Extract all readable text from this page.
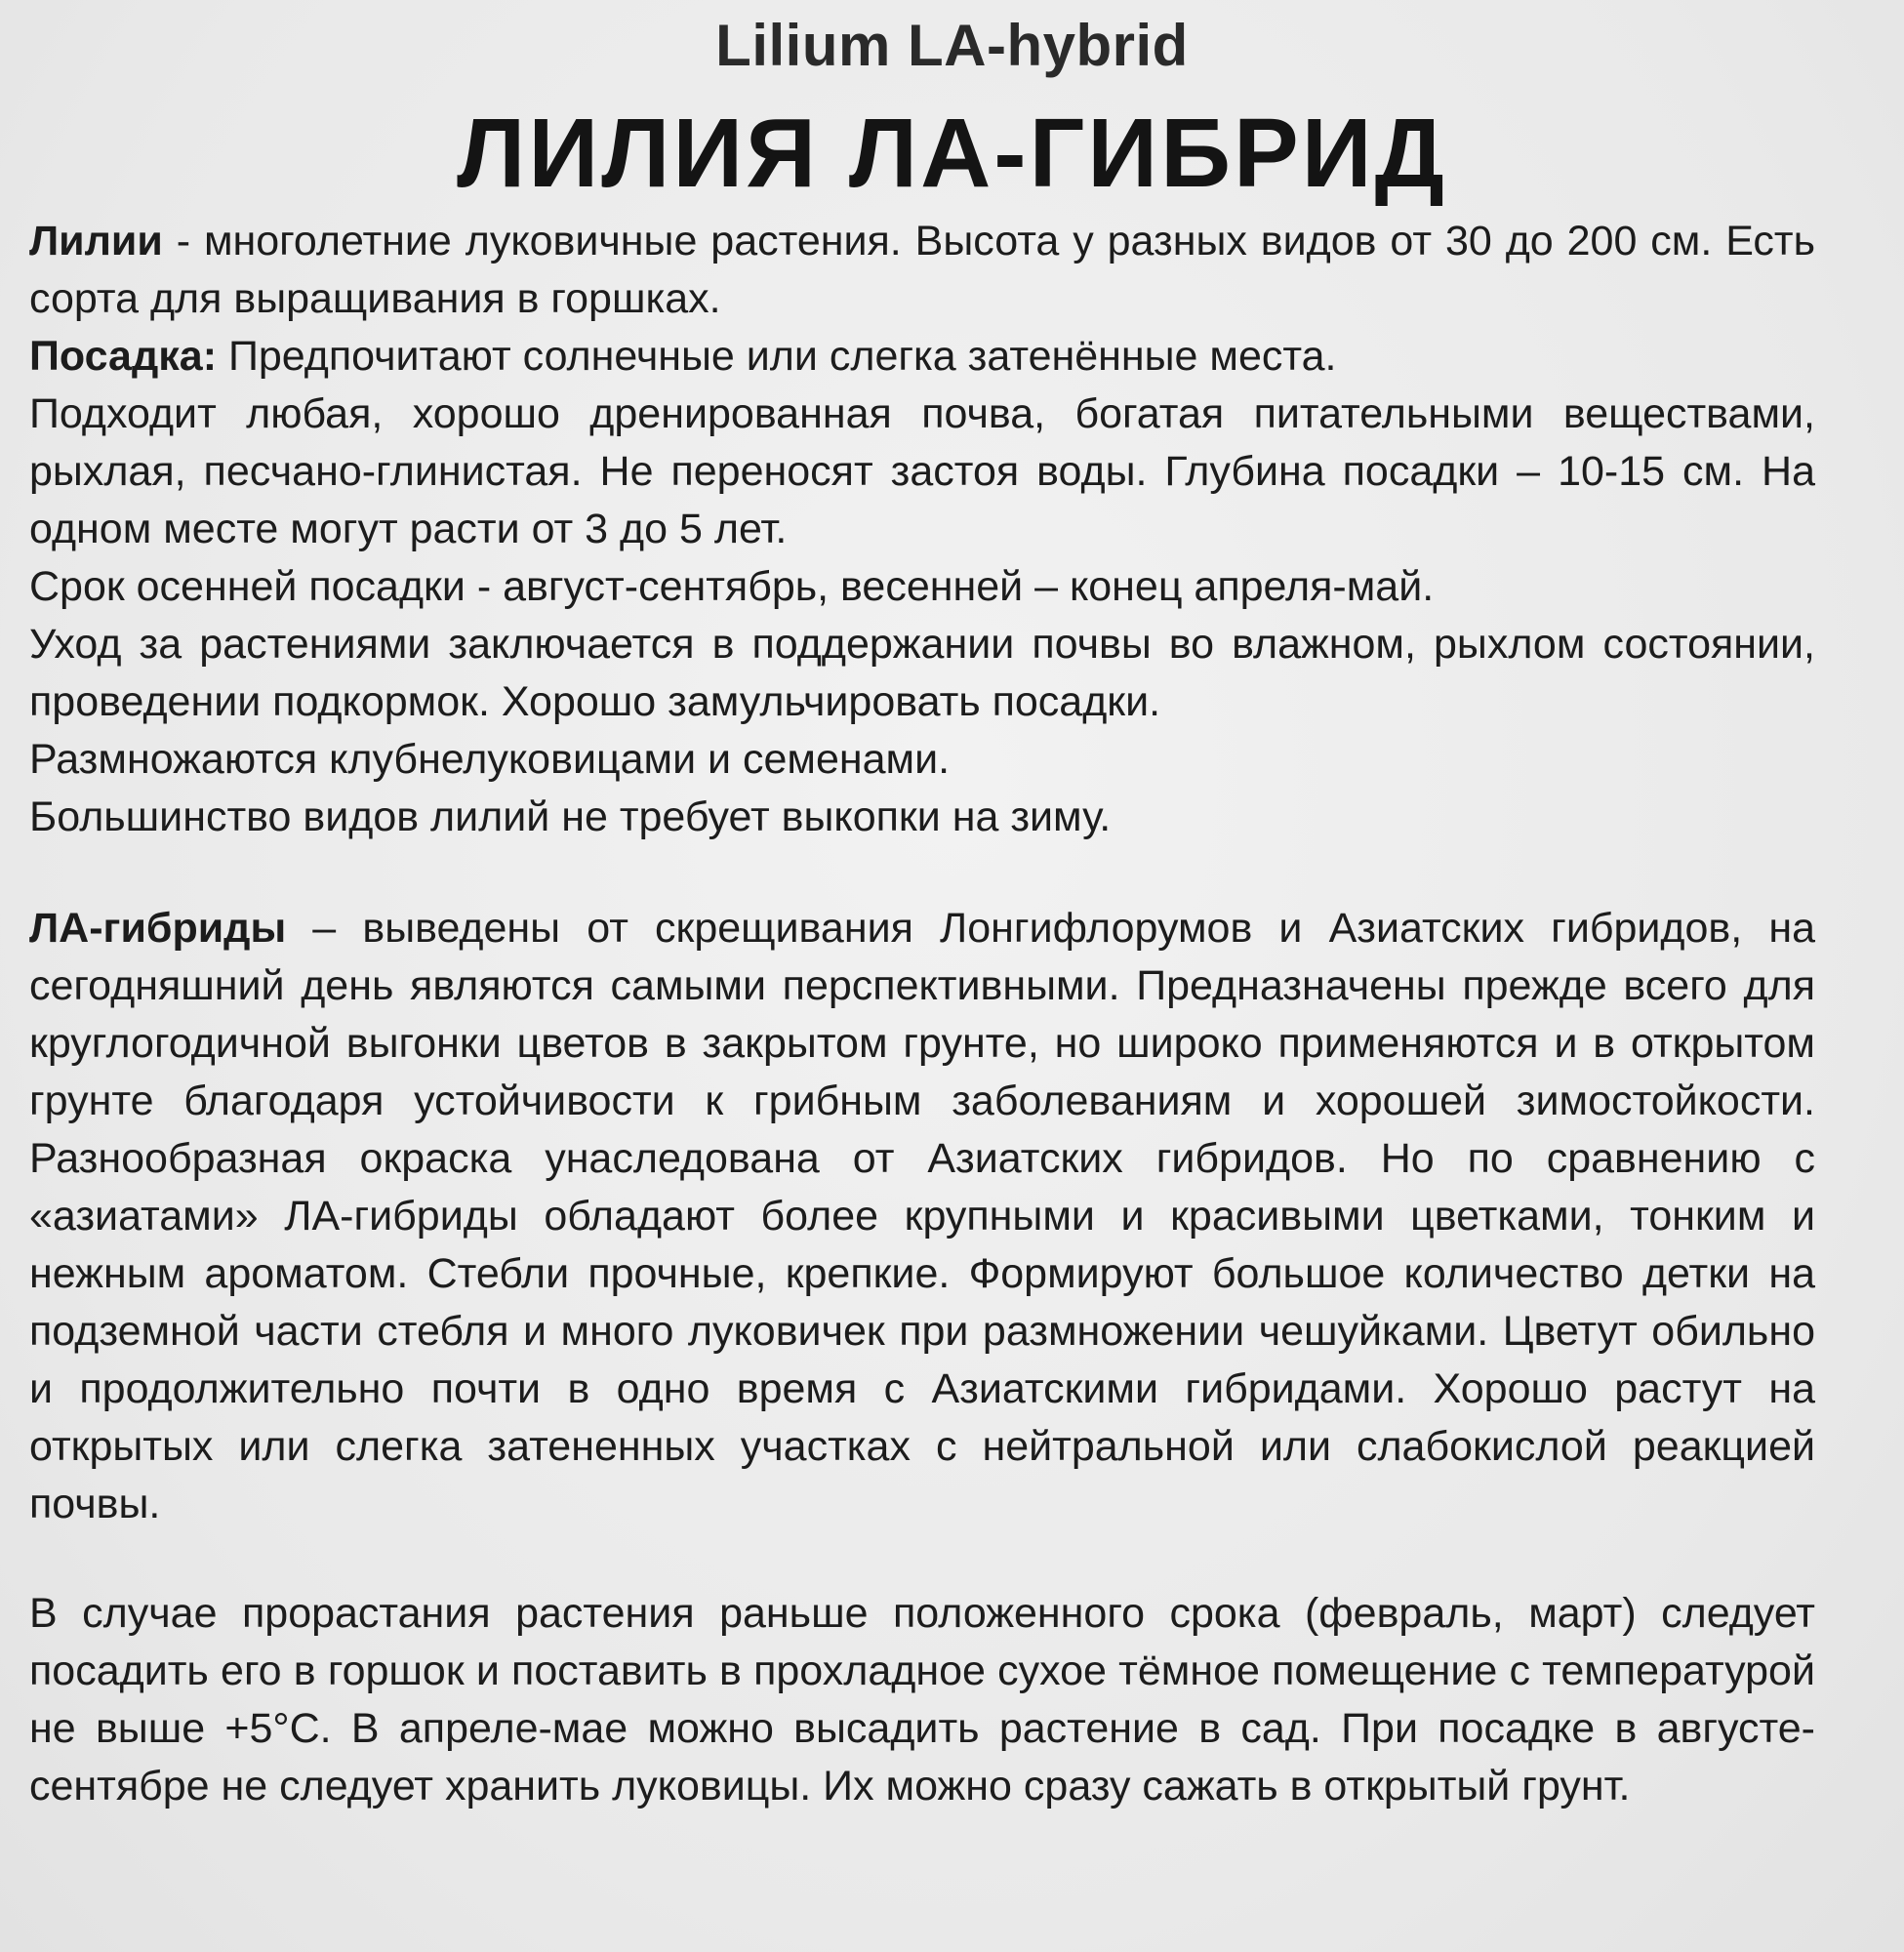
Lilium LA-hybrid
ЛИЛИЯ ЛА-ГИБРИД

Лилии - многолетние луковичные растения. Высота у разных видов от 30 до 200 см. Есть сорта для выращивания в горшках.

Посадка: Предпочитают солнечные или слегка затенённые места.

Подходит любая, хорошо дренированная почва, богатая питательными веществами, рыхлая, песчано-глинистая. Не переносят застоя воды. Глубина посадки – 10-15 см. На одном месте могут расти от 3 до 5 лет.

Срок осенней посадки - август-сентябрь, весенней – конец апреля-май.

Уход за растениями заключается в поддержании почвы во влажном, рыхлом состоянии, проведении подкормок. Хорошо замульчировать посадки.

Размножаются клубнелуковицами и семенами.

Большинство видов лилий не требует выкопки на зиму.

ЛА-гибриды – выведены от скрещивания Лонгифлорумов и Азиатских гибридов, на сегодняшний день являются самыми перспективными. Предназначены прежде всего для круглогодичной выгонки цветов в закрытом грунте, но широко применяются и в открытом грунте благодаря устойчивости к грибным заболеваниям и хорошей зимостойкости. Разнообразная окраска унаследована от Азиатских гибридов. Но по сравнению с «азиатами» ЛА-гибриды обладают более крупными и красивыми цветками, тонким и нежным ароматом. Стебли прочные, крепкие. Формируют большое количество детки на подземной части стебля и много луковичек при размножении чешуйками. Цветут обильно и продолжительно почти в одно время с Азиатскими гибридами. Хорошо растут на открытых или слегка затененных участках с нейтральной или слабокислой реакцией почвы.

В случае прорастания растения раньше положенного срока (февраль, март) следует посадить его в горшок и поставить в прохладное сухое тёмное помещение с температурой не выше +5°С. В апреле-мае можно высадить растение в сад. При посадке в августе-сентябре не следует хранить луковицы. Их можно сразу сажать в открытый грунт.
